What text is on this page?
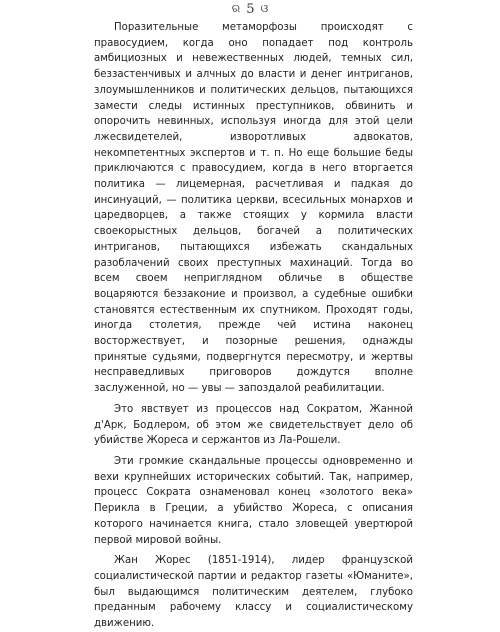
ର 5 ଓ

Поразительные метаморфозы происходят с правосудием, когда оно попадает под контроль амбициозных и невежественных людей, темных сил, беззастенчивых и алчных до власти и денег интриганов, злоумышленников и политических дельцов, пытающихся замести следы истинных преступников, обвинить и опорочить невинных, используя иногда для этой цели лжесвидетелей, изворотливых адвокатов, некомпетентных экспертов и т. п. Но еще большие беды приключаются с правосудием, когда в него вторгается политика — лицемерная, расчетливая и падкая до инсинуаций, — политика церкви, всесильных монархов и царедворцев, а также стоящих у кормила власти своекорыстных дельцов, богачей а политических интриганов, пытающихся избежать скандальных разоблачений своих преступных махинаций. Тогда во всем своем неприглядном обличье в обществе воцаряются беззаконие и произвол, а судебные ошибки становятся естественным их спутником. Проходят годы, иногда столетия, прежде чей истина наконец восторжествует, и позорные решения, однажды принятые судьями, подвергнутся пересмотру, и жертвы несправедливых приговоров дождутся вполне заслуженной, но — увы — запоздалой реабилитации.

Это явствует из процессов над Сократом, Жанной д'Арк, Бодлером, об этом же свидетельствует дело об убийстве Жореса и сержантов из Ла-Рошели.

Эти громкие скандальные процессы одновременно и вехи крупнейших исторических событий. Так, например, процесс Сократа ознаменовал конец «золотого века» Перикла в Греции, а убийство Жореса, с описания которого начинается книга, стало зловещей увертюрой первой мировой войны.

Жан Жорес (1851-1914), лидер французской социалистической партии и редактор газеты «Юманите», был выдающимся политическим деятелем, глубоко преданным рабочему классу и социалистическому движению.
